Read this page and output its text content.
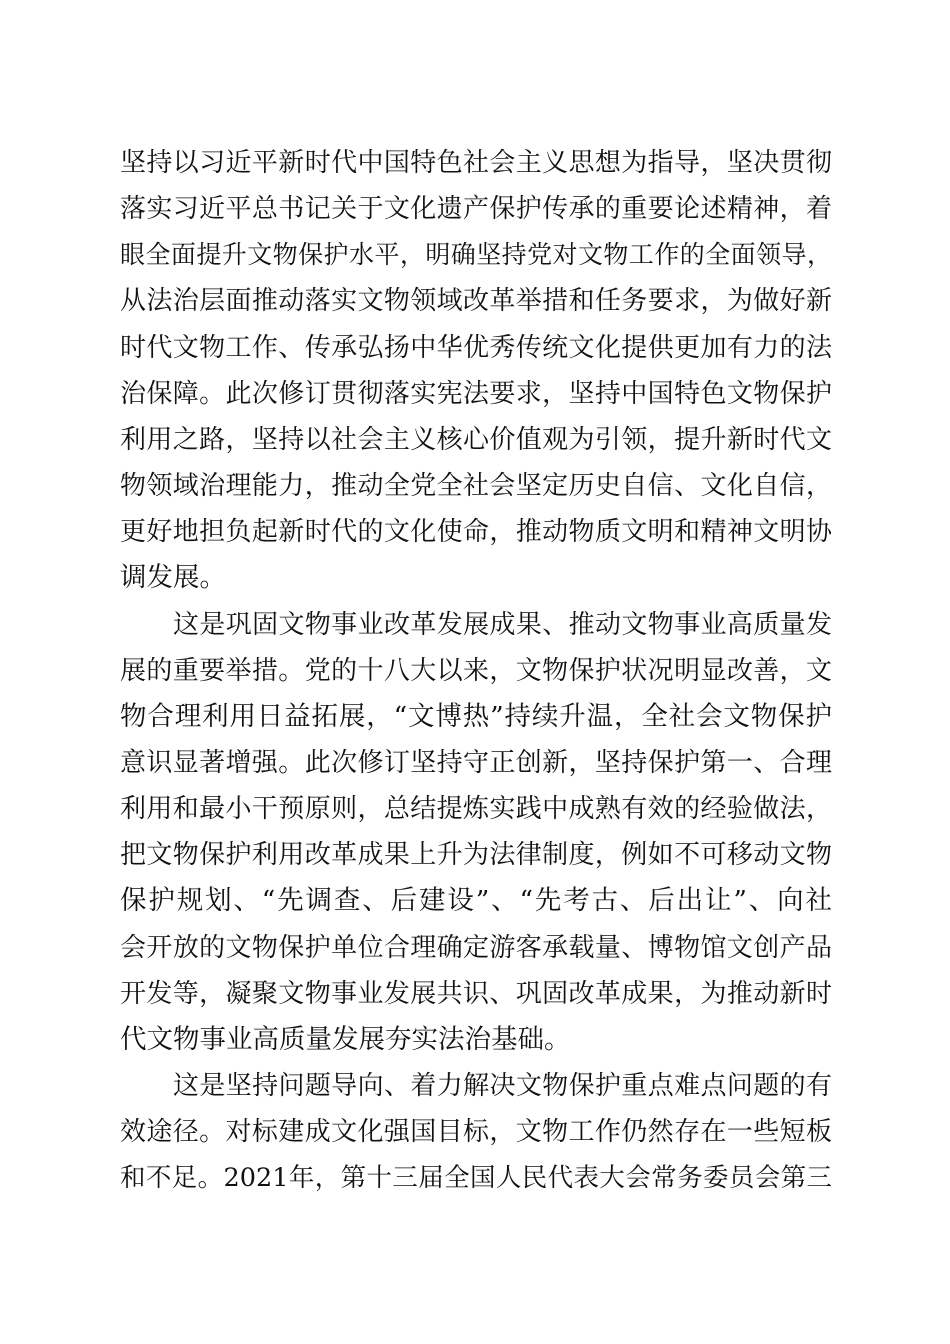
坚持以习近平新时代中国特色社会主义思想为指导，坚决贯彻
落实习近平总书记关于文化遗产保护传承的重要论述精神，着
眼全面提升文物保护水平，明确坚持党对文物工作的全面领导，
从法治层面推动落实文物领域改革举措和任务要求，为做好新
时代文物工作、传承弘扬中华优秀传统文化提供更加有力的法
治保障。此次修订贯彻落实宪法要求，坚持中国特色文物保护
利用之路，坚持以社会主义核心价值观为引领，提升新时代文
物领域治理能力，推动全党全社会坚定历史自信、文化自信，
更好地担负起新时代的文化使命，推动物质文明和精神文明协
调发展。
这是巩固文物事业改革发展成果、推动文物事业高质量发
展的重要举措。党的十八大以来，文物保护状况明显改善，文
物合理利用日益拓展，“文博热”持续升温，全社会文物保护
意识显著增强。此次修订坚持守正创新，坚持保护第一、合理
利用和最小干预原则，总结提炼实践中成熟有效的经验做法，
把文物保护利用改革成果上升为法律制度，例如不可移动文物
保护规划、“先调查、后建设”、“先考古、后出让”、向社
会开放的文物保护单位合理确定游客承载量、博物馆文创产品
开发等，凝聚文物事业发展共识、巩固改革成果，为推动新时
代文物事业高质量发展夯实法治基础。
这是坚持问题导向、着力解决文物保护重点难点问题的有
效途径。对标建成文化强国目标，文物工作仍然存在一些短板
和不足。2021年，第十三届全国人民代表大会常务委员会第三
